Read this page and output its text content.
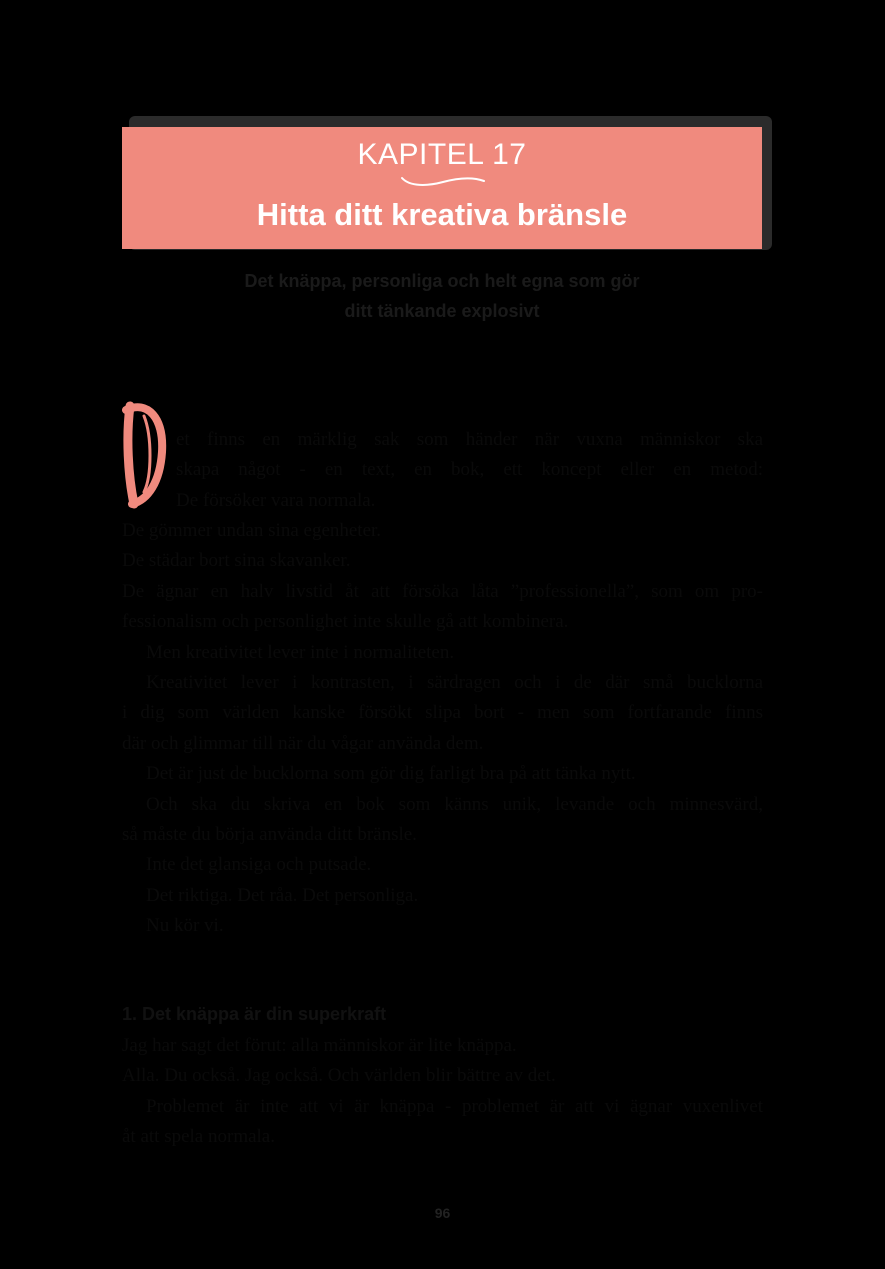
KAPITEL 17
Hitta ditt kreativa bränsle
Det knäppa, personliga och helt egna som gör
ditt tänkande explosivt
et finns en märklig sak som händer när vuxna människor ska
skapa något - en text, en bok, ett koncept eller en metod:
De försöker vara normala.
De gömmer undan sina egenheter.
De städar bort sina skavanker.
De ägnar en halv livstid åt att försöka låta ”professionella”, som om pro-
fessionalism och personlighet inte skulle gå att kombinera.
Men kreativitet lever inte i normaliteten.
Kreativitet lever i kontrasten, i särdragen och i de där små bucklorna
i dig som världen kanske försökt slipa bort - men som fortfarande finns
där och glimmar till när du vågar använda dem.
Det är just de bucklorna som gör dig farligt bra på att tänka nytt.
Och ska du skriva en bok som känns unik, levande och minnesvärd,
så måste du börja använda ditt bränsle.
Inte det glansiga och putsade.
Det riktiga. Det råa. Det personliga.
Nu kör vi.
1. Det knäppa är din superkraft
Jag har sagt det förut: alla människor är lite knäppa.
Alla. Du också. Jag också. Och världen blir bättre av det.
Problemet är inte att vi är knäppa - problemet är att vi ägnar vuxenlivet
åt att spela normala.
96
